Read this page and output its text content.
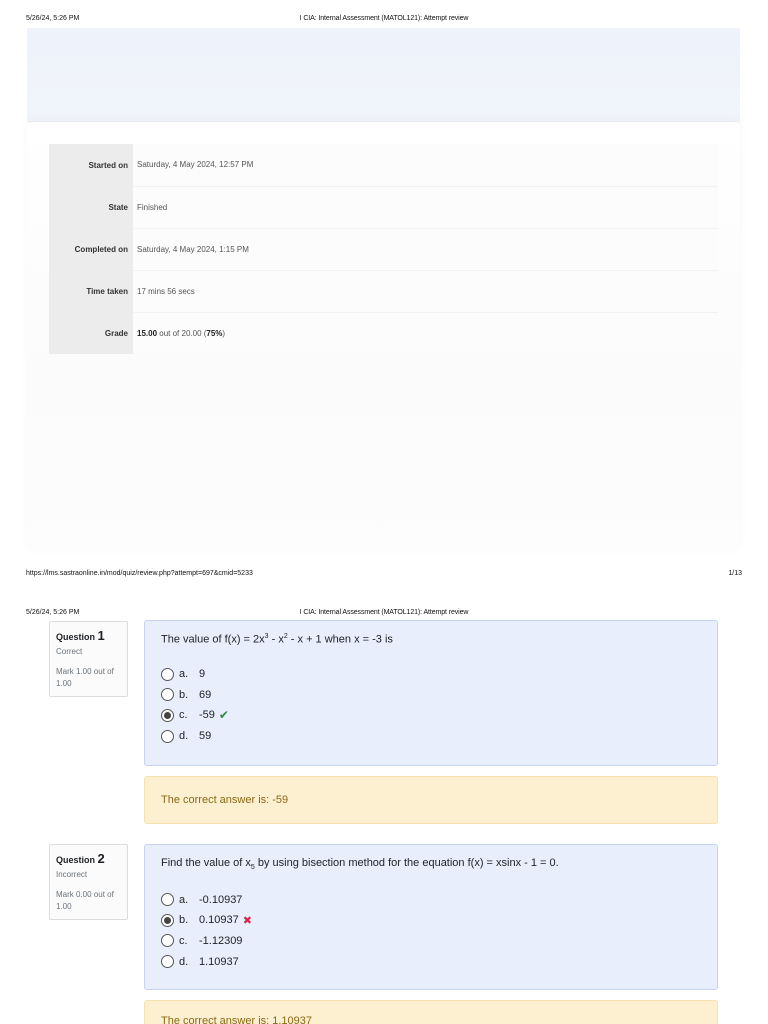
5/26/24, 5:26 PM	I CIA: Internal Assessment (MATOL121): Attempt review
Started on	Saturday, 4 May 2024, 12:57 PM
State	Finished
Completed on	Saturday, 4 May 2024, 1:15 PM
Time taken	17 mins 56 secs
Grade	15.00 out of 20.00 (75%)
https://lms.sastraonline.in/mod/quiz/review.php?attempt=697&cmid=5233	1/13
5/26/24, 5:26 PM	I CIA: Internal Assessment (MATOL121): Attempt review
Question 1
Correct
Mark 1.00 out of 1.00
The value of $f(x) = 2x^3 - x^2 - x + 1$ when x = -3 is
a. 9
b. 69
c.	-59 ✔
d. 59
The correct answer is: -59
Question 2
Incorrect
Mark 0.00 out of 1.00
Find the value of $x_5$ by using bisection method for the equation f(x) = xsinx - 1 = 0.
a. -0.10937
b. 0.10937 ✖
c.	-1.12309
d. 1.10937
The correct answer is: 1.10937
